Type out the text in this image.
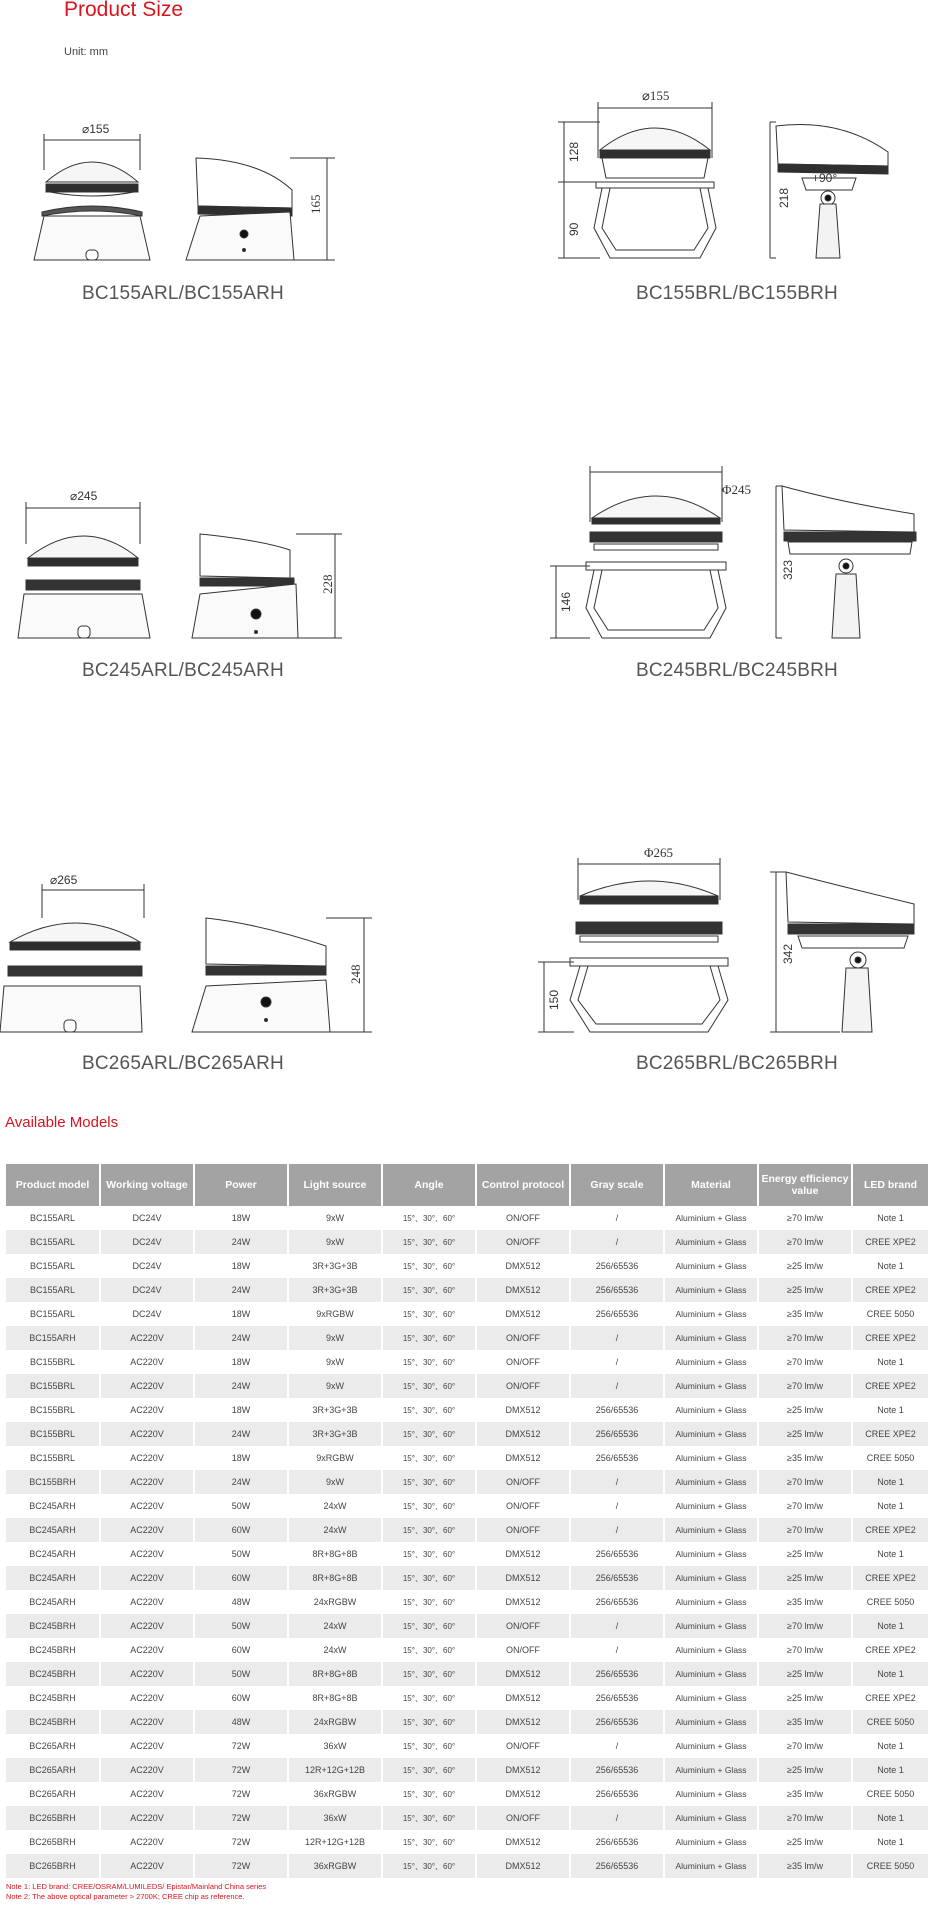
Product Size
Unit: mm
⌀155
165
BC155ARL/BC155ARH
⌀155
128
90
218
+90°
BC155BRL/BC155BRH
⌀245
228
BC245ARL/BC245ARH
Φ245
146
323
BC245BRL/BC245BRH
⌀265
248
BC265ARL/BC265ARH
Φ265
150
342
BC265BRL/BC265BRH
Available Models
Product model	Working voltage	Power	Light source	Angle	Control protocol	Gray scale	Material	Energy efficiency value	LED brand
BC155ARL	DC24V	18W	9xW	15°、30°、60°	ON/OFF	/	Aluminium + Glass	≥70 lm/w	Note 1
BC155ARL	DC24V	24W	9xW	15°、30°、60°	ON/OFF	/	Aluminium + Glass	≥70 lm/w	CREE XPE2
BC155ARL	DC24V	18W	3R+3G+3B	15°、30°、60°	DMX512	256/65536	Aluminium + Glass	≥25 lm/w	Note 1
BC155ARL	DC24V	24W	3R+3G+3B	15°、30°、60°	DMX512	256/65536	Aluminium + Glass	≥25 lm/w	CREE XPE2
BC155ARL	DC24V	18W	9xRGBW	15°、30°、60°	DMX512	256/65536	Aluminium + Glass	≥35 lm/w	CREE 5050
BC155ARH	AC220V	24W	9xW	15°、30°、60°	ON/OFF	/	Aluminium + Glass	≥70 lm/w	CREE XPE2
BC155BRL	AC220V	18W	9xW	15°、30°、60°	ON/OFF	/	Aluminium + Glass	≥70 lm/w	Note 1
BC155BRL	AC220V	24W	9xW	15°、30°、60°	ON/OFF	/	Aluminium + Glass	≥70 lm/w	CREE XPE2
BC155BRL	AC220V	18W	3R+3G+3B	15°、30°、60°	DMX512	256/65536	Aluminium + Glass	≥25 lm/w	Note 1
BC155BRL	AC220V	24W	3R+3G+3B	15°、30°、60°	DMX512	256/65536	Aluminium + Glass	≥25 lm/w	CREE XPE2
BC155BRL	AC220V	18W	9xRGBW	15°、30°、60°	DMX512	256/65536	Aluminium + Glass	≥35 lm/w	CREE 5050
BC155BRH	AC220V	24W	9xW	15°、30°、60°	ON/OFF	/	Aluminium + Glass	≥70 lm/w	Note 1
BC245ARH	AC220V	50W	24xW	15°、30°、60°	ON/OFF	/	Aluminium + Glass	≥70 lm/w	Note 1
BC245ARH	AC220V	60W	24xW	15°、30°、60°	ON/OFF	/	Aluminium + Glass	≥70 lm/w	CREE XPE2
BC245ARH	AC220V	50W	8R+8G+8B	15°、30°、60°	DMX512	256/65536	Aluminium + Glass	≥25 lm/w	Note 1
BC245ARH	AC220V	60W	8R+8G+8B	15°、30°、60°	DMX512	256/65536	Aluminium + Glass	≥25 lm/w	CREE XPE2
BC245ARH	AC220V	48W	24xRGBW	15°、30°、60°	DMX512	256/65536	Aluminium + Glass	≥35 lm/w	CREE 5050
BC245BRH	AC220V	50W	24xW	15°、30°、60°	ON/OFF	/	Aluminium + Glass	≥70 lm/w	Note 1
BC245BRH	AC220V	60W	24xW	15°、30°、60°	ON/OFF	/	Aluminium + Glass	≥70 lm/w	CREE XPE2
BC245BRH	AC220V	50W	8R+8G+8B	15°、30°、60°	DMX512	256/65536	Aluminium + Glass	≥25 lm/w	Note 1
BC245BRH	AC220V	60W	8R+8G+8B	15°、30°、60°	DMX512	256/65536	Aluminium + Glass	≥25 lm/w	CREE XPE2
BC245BRH	AC220V	48W	24xRGBW	15°、30°、60°	DMX512	256/65536	Aluminium + Glass	≥35 lm/w	CREE 5050
BC265ARH	AC220V	72W	36xW	15°、30°、60°	ON/OFF	/	Aluminium + Glass	≥70 lm/w	Note 1
BC265ARH	AC220V	72W	12R+12G+12B	15°、30°、60°	DMX512	256/65536	Aluminium + Glass	≥25 lm/w	Note 1
BC265ARH	AC220V	72W	36xRGBW	15°、30°、60°	DMX512	256/65536	Aluminium + Glass	≥35 lm/w	CREE 5050
BC265BRH	AC220V	72W	36xW	15°、30°、60°	ON/OFF	/	Aluminium + Glass	≥70 lm/w	Note 1
BC265BRH	AC220V	72W	12R+12G+12B	15°、30°、60°	DMX512	256/65536	Aluminium + Glass	≥25 lm/w	Note 1
BC265BRH	AC220V	72W	36xRGBW	15°、30°、60°	DMX512	256/65536	Aluminium + Glass	≥35 lm/w	CREE 5050
Note 1: LED brand: CREE/OSRAM/LUMILEDS/ Epistar/Mainland China series
Note 2: The above optical parameter > 2700K; CREE chip as reference.
